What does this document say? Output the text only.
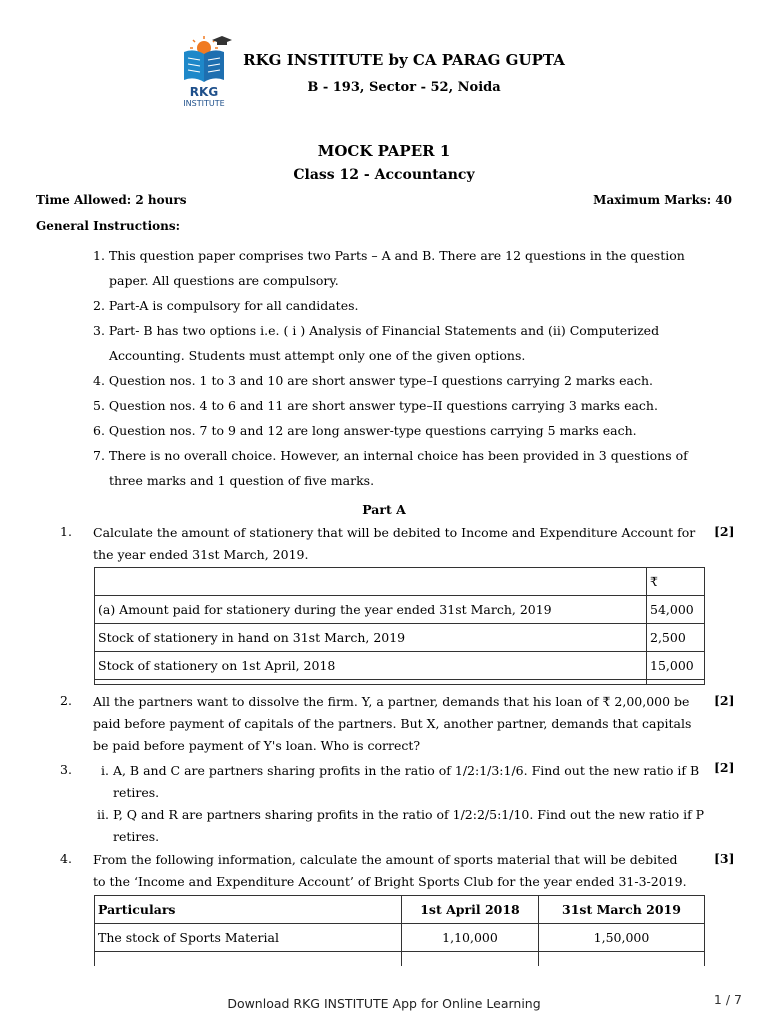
RKG
INSTITUTE
RKG INSTITUTE by CA PARAG GUPTA
B - 193, Sector - 52, Noida
MOCK PAPER 1
Class 12 - Accountancy
Time Allowed: 2 hours	Maximum Marks: 40
General Instructions:
1. This question paper comprises two Parts – A and B. There are 12 questions in the question
paper. All questions are compulsory.
2. Part-A is compulsory for all candidates.
3. Part- B has two options i.e. ( i ) Analysis of Financial Statements and (ii) Computerized
Accounting. Students must attempt only one of the given options.
4. Question nos. 1 to 3 and 10 are short answer type–I questions carrying 2 marks each.
5. Question nos. 4 to 6 and 11 are short answer type–II questions carrying 3 marks each.
6. Question nos. 7 to 9 and 12 are long answer-type questions carrying 5 marks each.
7. There is no overall choice. However, an internal choice has been provided in 3 questions of
three marks and 1 question of five marks.
Part A
1. Calculate the amount of stationery that will be debited to Income and Expenditure Account for
the year ended 31st March, 2019.
[2]
	₹
(a) Amount paid for stationery during the year ended 31st March, 2019	54,000
Stock of stationery in hand on 31st March, 2019	2,500
Stock of stationery on 1st April, 2018	15,000

2. All the partners want to dissolve the firm. Y, a partner, demands that his loan of ₹ 2,00,000 be
paid before payment of capitals of the partners. But X, another partner, demands that capitals
be paid before payment of Y's loan. Who is correct?
[2]
3. i. A, B and C are partners sharing profits in the ratio of 1/2:1/3:1/6. Find out the new ratio if B
retires.
ii. P, Q and R are partners sharing profits in the ratio of 1/2:2/5:1/10. Find out the new ratio if P
retires.
[2]
4. From the following information, calculate the amount of sports material that will be debited
to the ‘Income and Expenditure Account’ of Bright Sports Club for the year ended 31-3-2019.
[3]
Particulars	1st April 2018	31st March 2019
The stock of Sports Material	1,10,000	1,50,000

Download RKG INSTITUTE App for Online Learning	1 / 7
